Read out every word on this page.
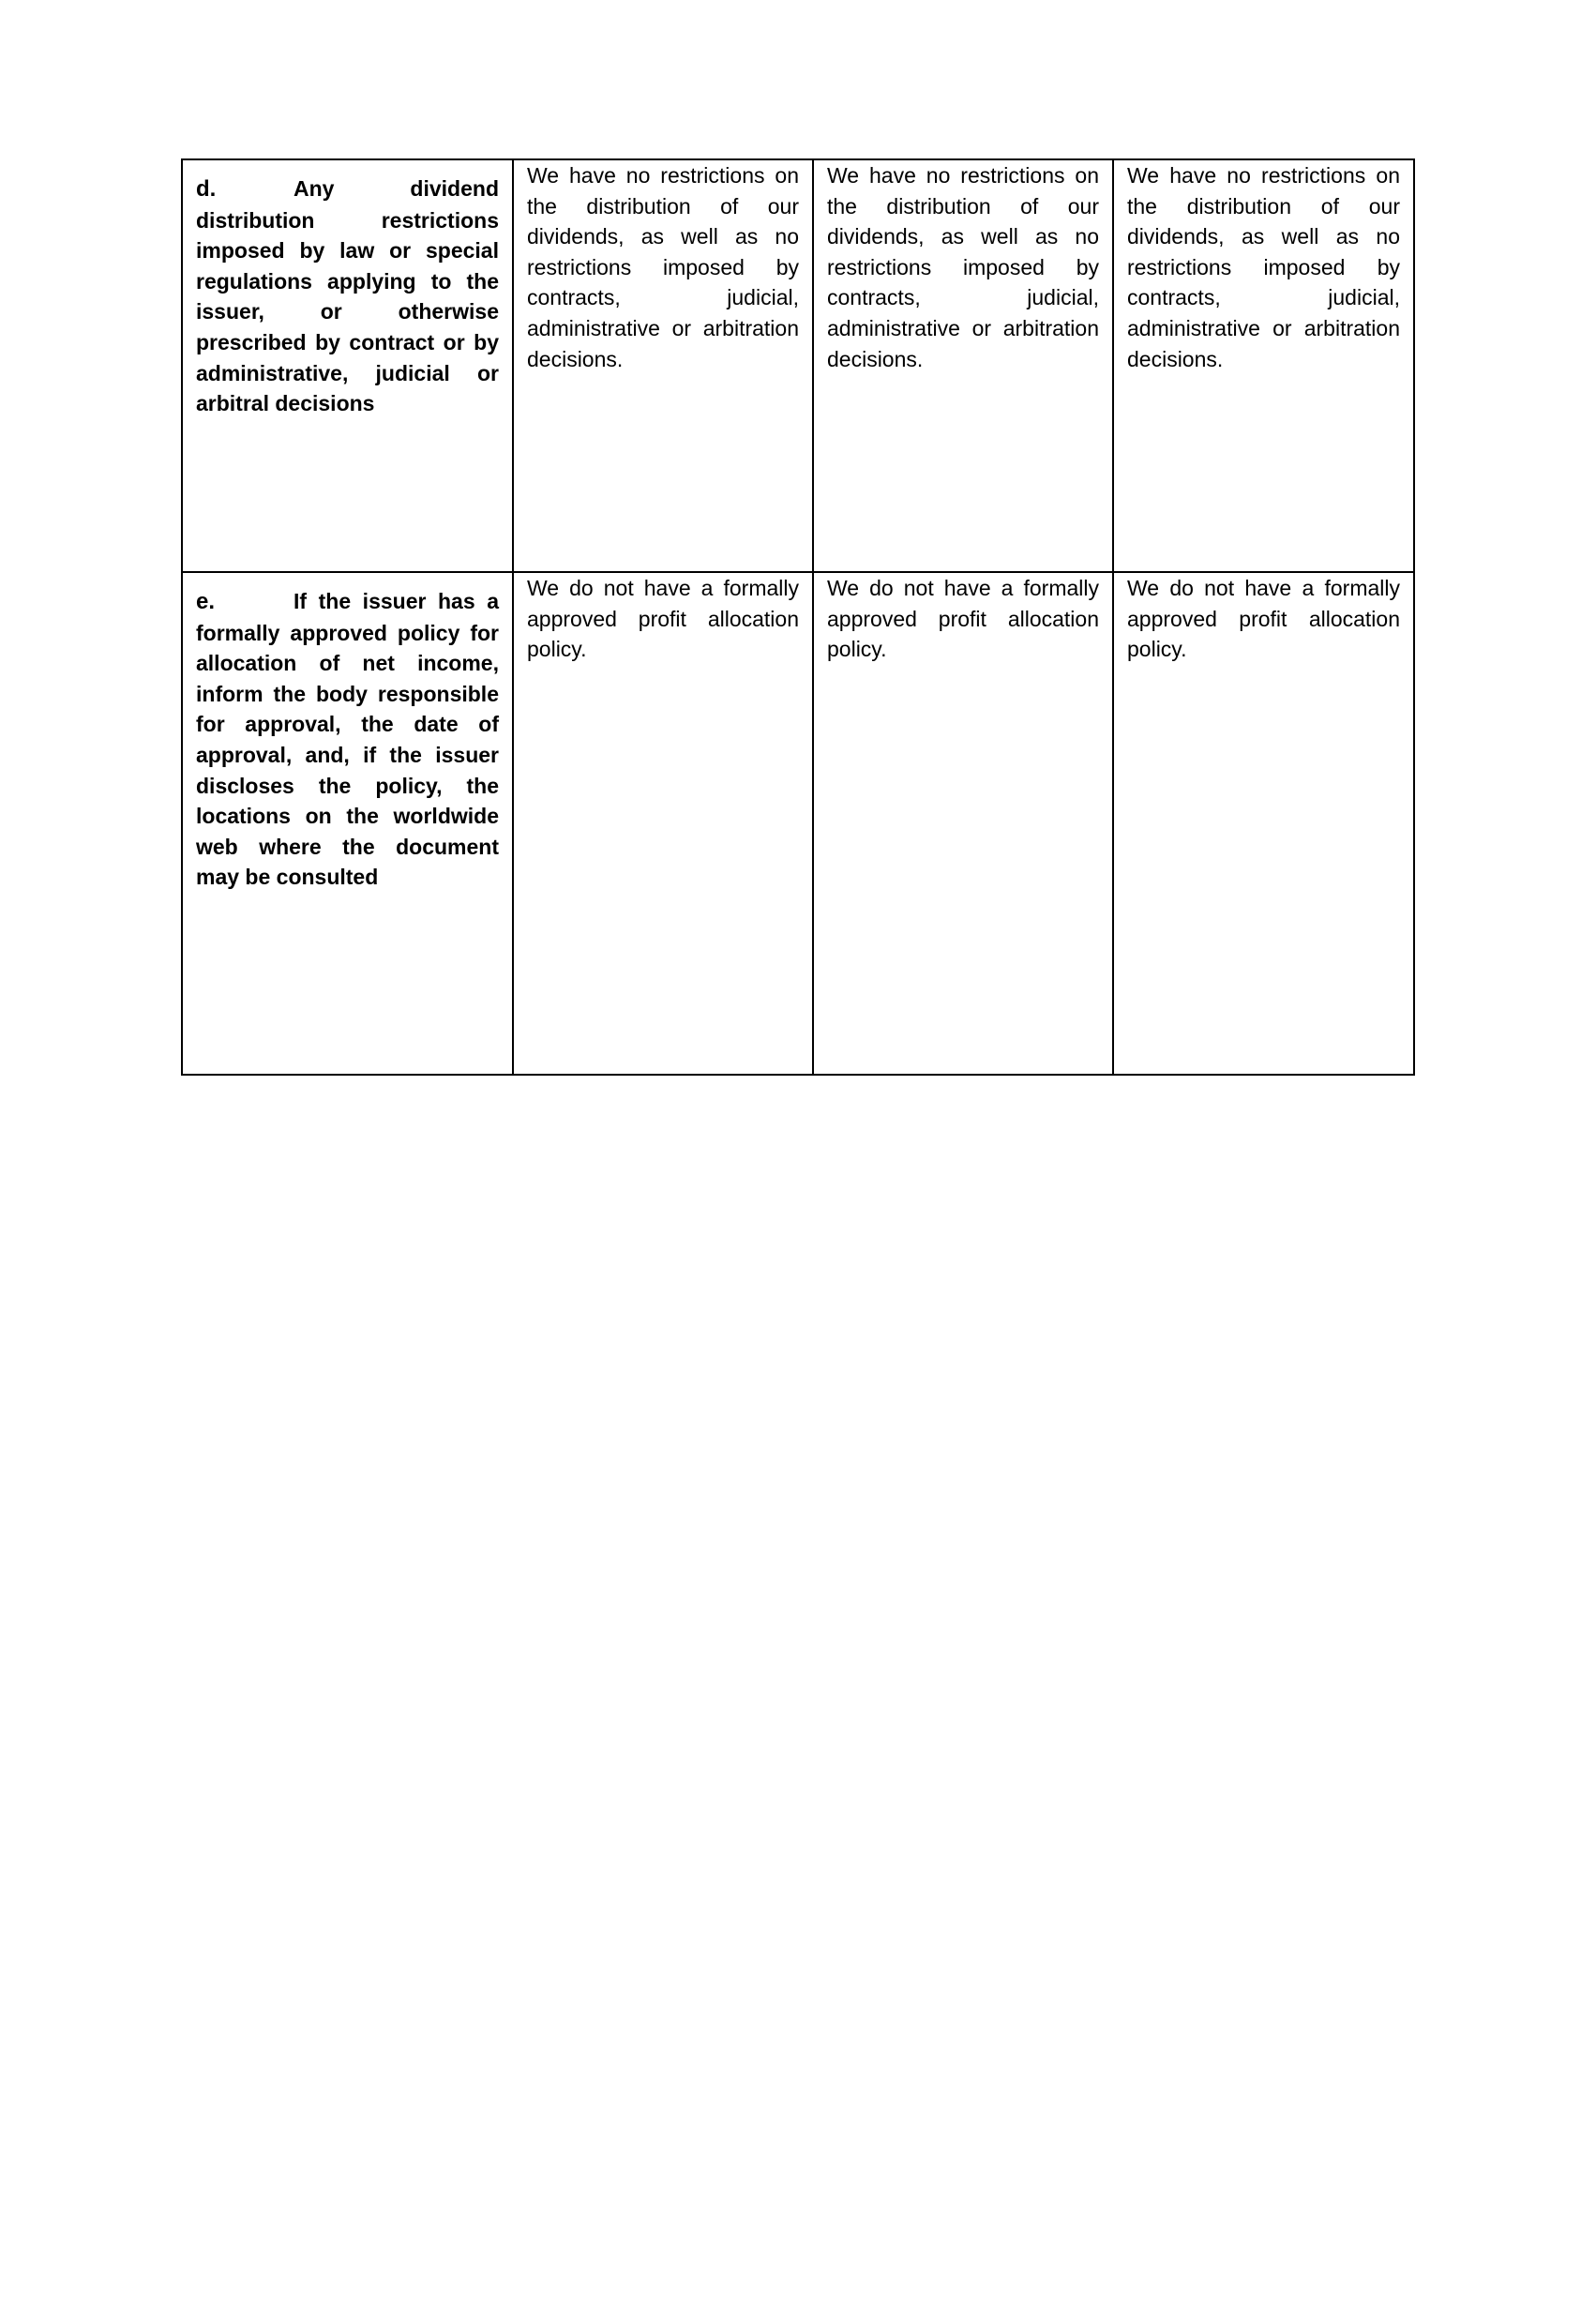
d. Any dividend distribution restrictions imposed by law or special regulations applying to the issuer, or otherwise prescribed by contract or by administrative, judicial or arbitral decisions	We have no restrictions on the distribution of our dividends, as well as no restrictions imposed by contracts, judicial, administrative or arbitration decisions.	We have no restrictions on the distribution of our dividends, as well as no restrictions imposed by contracts, judicial, administrative or arbitration decisions.	We have no restrictions on the distribution of our dividends, as well as no restrictions imposed by contracts, judicial, administrative or arbitration decisions.
e. If the issuer has a formally approved policy for allocation of net income, inform the body responsible for approval, the date of approval, and, if the issuer discloses the policy, the locations on the worldwide web where the document may be consulted	We do not have a formally approved profit allocation policy.	We do not have a formally approved profit allocation policy.	We do not have a formally approved profit allocation policy.
